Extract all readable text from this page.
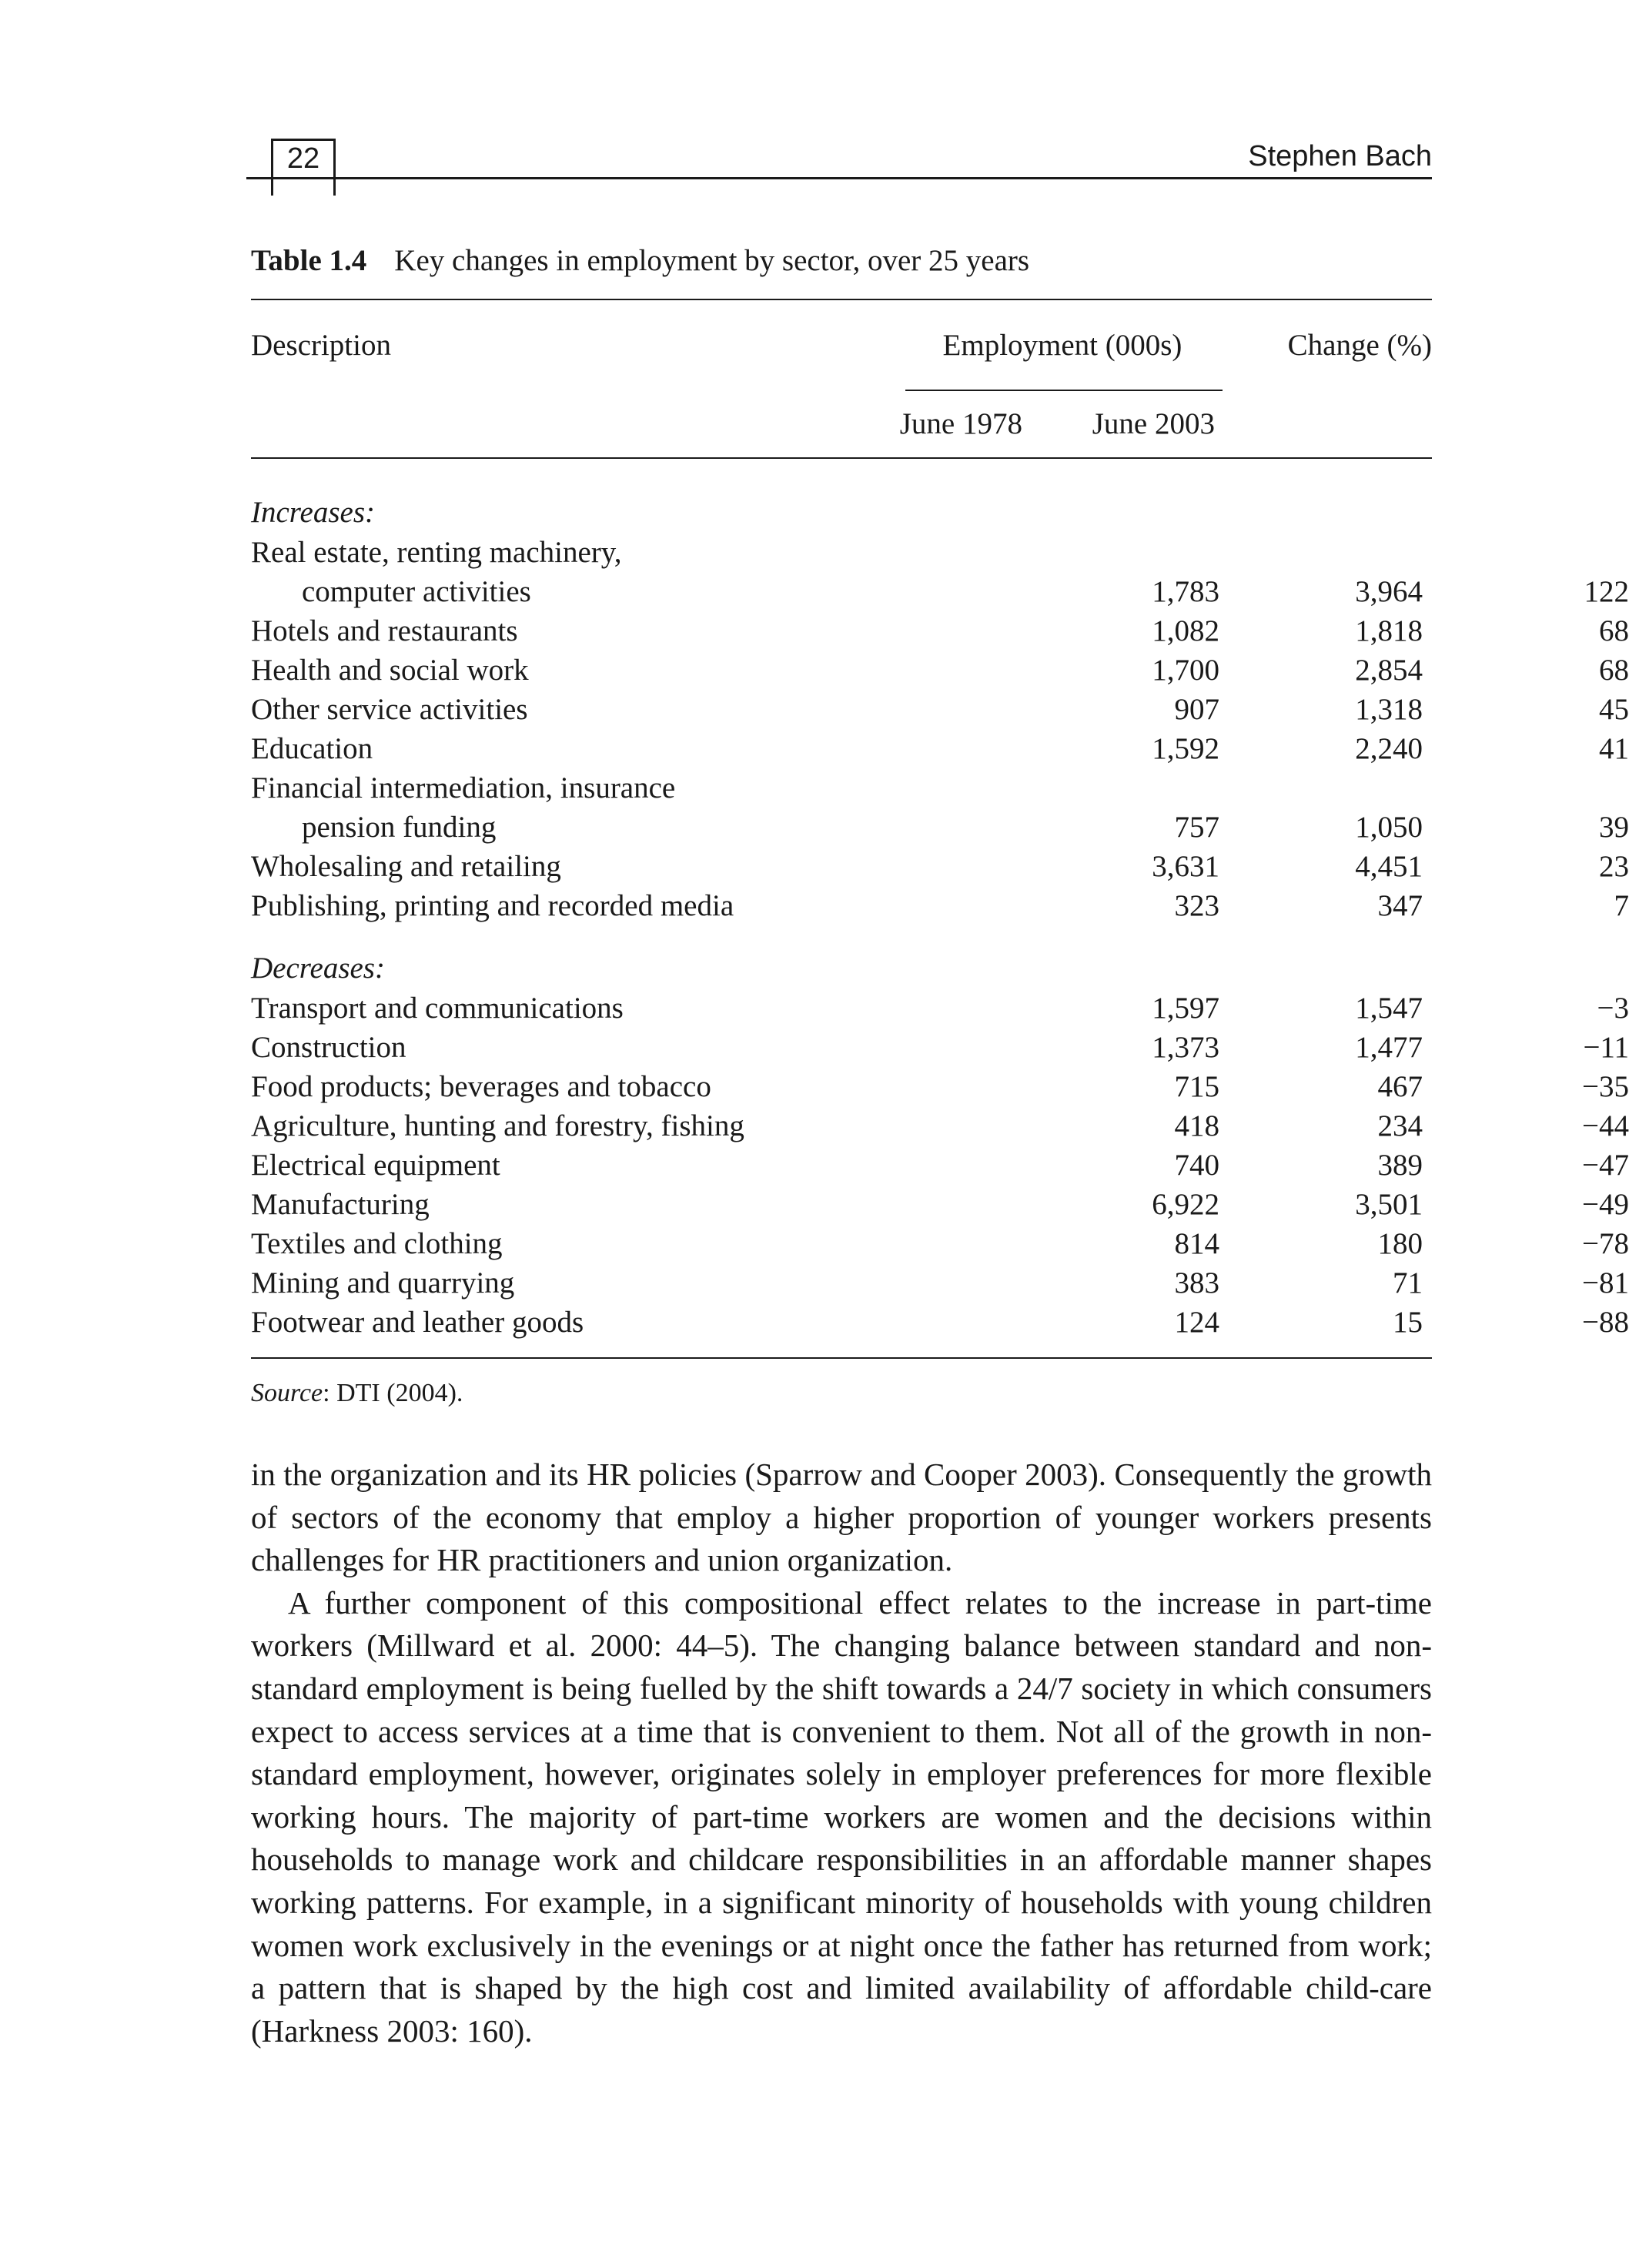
22	Stephen Bach
Table 1.4 Key changes in employment by sector, over 25 years
Description	Employment (000s)	Change (%)
June 1978	June 2003
Increases:
Real estate, renting machinery,
computer activities	1,783	3,964	122
Hotels and restaurants	1,082	1,818	68
Health and social work	1,700	2,854	68
Other service activities	907	1,318	45
Education	1,592	2,240	41
Financial intermediation, insurance
pension funding	757	1,050	39
Wholesaling and retailing	3,631	4,451	23
Publishing, printing and recorded media	323	347	7
Decreases:
Transport and communications	1,597	1,547	−3
Construction	1,373	1,477	−11
Food products; beverages and tobacco	715	467	−35
Agriculture, hunting and forestry, fishing	418	234	−44
Electrical equipment	740	389	−47
Manufacturing	6,922	3,501	−49
Textiles and clothing	814	180	−78
Mining and quarrying	383	71	−81
Footwear and leather goods	124	15	−88
Source: DTI (2004).

in the organization and its HR policies (Sparrow and Cooper 2003). Consequently the growth of sectors of the economy that employ a higher proportion of younger workers presents challenges for HR practitioners and union organization.

A further component of this compositional effect relates to the increase in part-time workers (Millward et al. 2000: 44–5). The changing balance between standard and non-standard employment is being fuelled by the shift towards a 24/7 society in which consumers expect to access services at a time that is convenient to them. Not all of the growth in non-standard employment, however, originates solely in employer preferences for more flexible working hours. The majority of part-time workers are women and the decisions within households to manage work and childcare responsibilities in an affordable manner shapes working patterns. For example, in a significant minority of households with young children women work exclusively in the evenings or at night once the father has returned from work; a pattern that is shaped by the high cost and limited availability of affordable child-care (Harkness 2003: 160).
